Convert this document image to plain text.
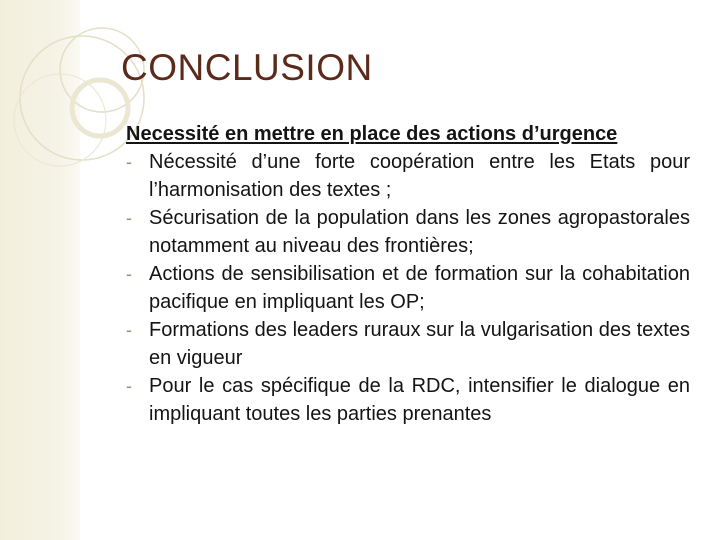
CONCLUSION
Necessité en mettre en place des actions d’urgence
- Nécessité d’une forte coopération entre les Etats pour l’harmonisation des textes ;
- Sécurisation de la population dans les zones agropastorales notamment au niveau des frontières;
- Actions de sensibilisation et de formation sur la cohabitation pacifique en impliquant les OP;
- Formations des leaders ruraux sur la vulgarisation des textes en vigueur
- Pour le cas spécifique de la RDC, intensifier le dialogue en impliquant toutes les parties prenantes
